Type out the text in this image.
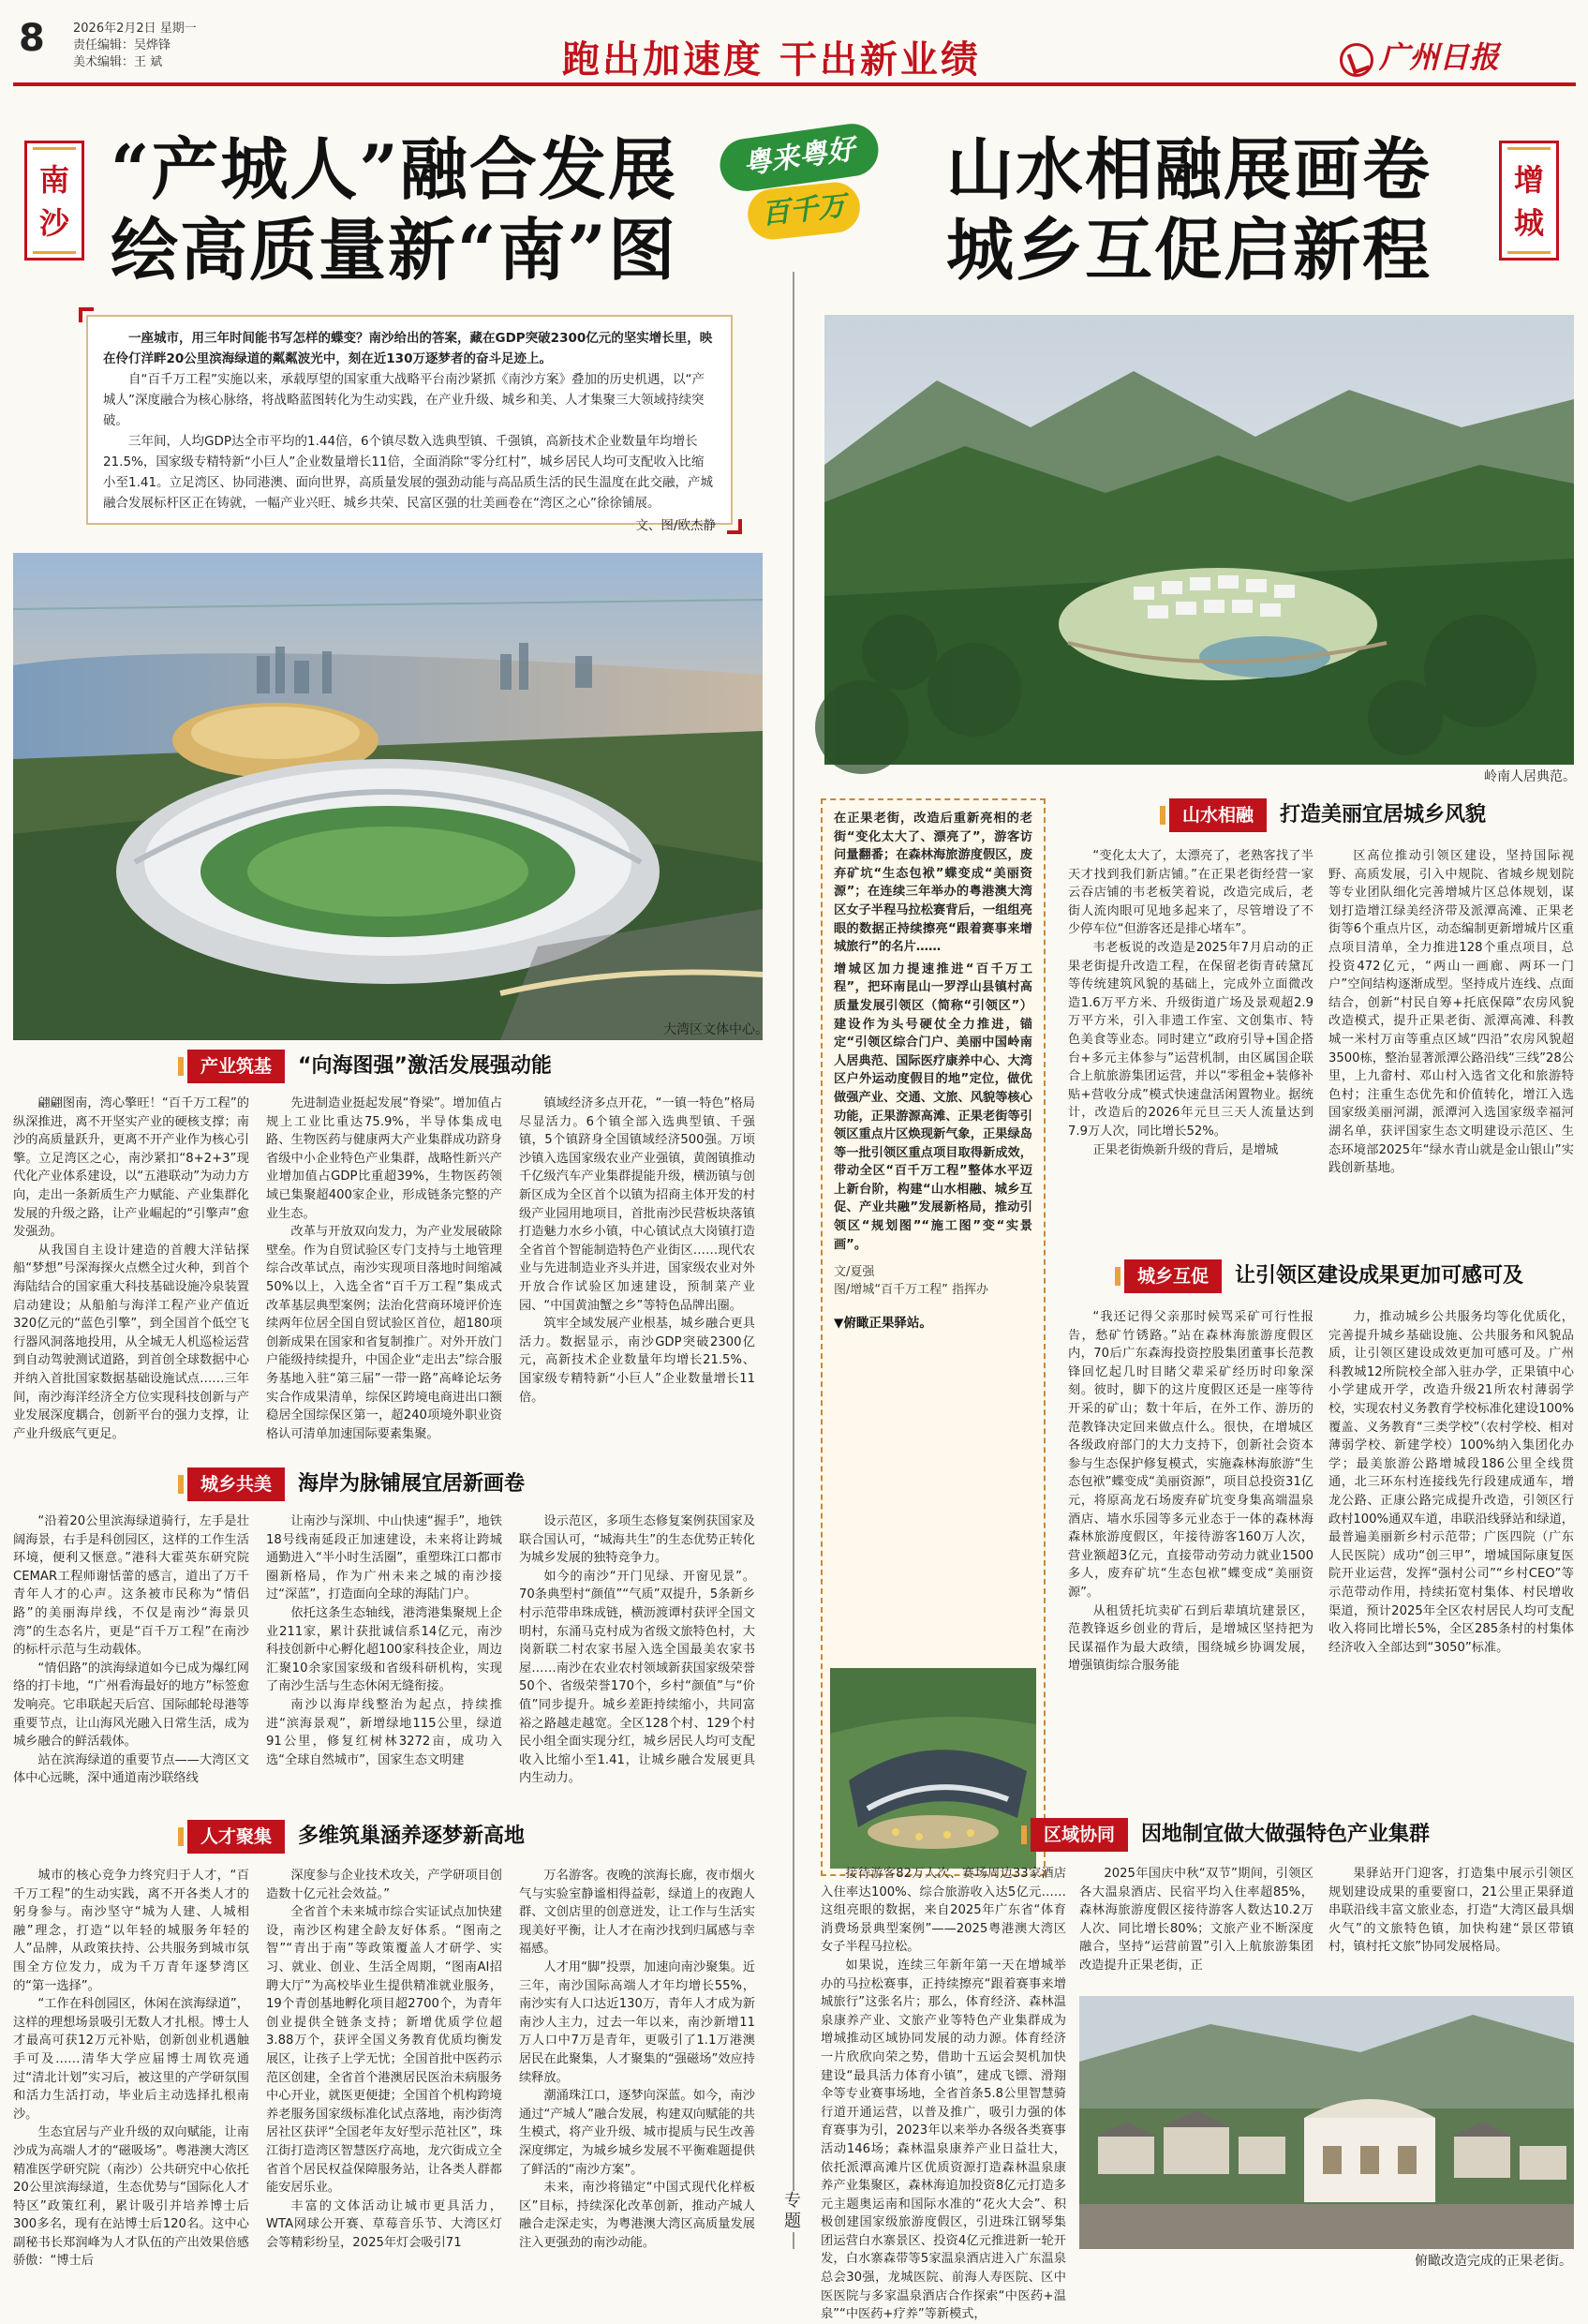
8 2026年2月2日 星期一
责任编辑：吴烨锋
美术编辑：王 斌	跑出加速度 干出新业绩	广州日报
南沙
“产城人”融合发展
绘高质量新“南”图
粤来粤好
百千万
山水相融展画卷
城乡互促启新程
增城
专题

一座城市，用三年时间能书写怎样的蝶变？南沙给出的答案，藏在GDP突破2300亿元的坚实增长里，映在伶仃洋畔20公里滨海绿道的粼粼波光中，刻在近130万逐梦者的奋斗足迹上。

自“百千万工程”实施以来，承载厚望的国家重大战略平台南沙紧抓《南沙方案》叠加的历史机遇，以“产城人”深度融合为核心脉络，将战略蓝图转化为生动实践，在产业升级、城乡和美、人才集聚三大领域持续突破。

三年间，人均GDP达全市平均的1.44倍，6个镇尽数入选典型镇、千强镇，高新技术企业数量年均增长21.5%，国家级专精特新“小巨人”企业数量增长11倍，全面消除“零分红村”，城乡居民人均可支配收入比缩小至1.41。立足湾区、协同港澳、面向世界，高质量发展的强劲动能与高品质生活的民生温度在此交融，产城融合发展标杆区正在铸就，一幅产业兴旺、城乡共荣、民富区强的壮美画卷在“湾区之心”徐徐铺展。

文、图/欧杰静
大湾区文体中心。
产业筑基 “向海图强”激活发展强动能

翩翩图南，湾心擎旺！“百千万工程”的纵深推进，离不开坚实产业的硬核支撑；南沙的高质量跃升，更离不开产业作为核心引擎。立足湾区之心，南沙紧扣“8+2+3”现代化产业体系建设，以“五港联动”为动力方向，走出一条新质生产力赋能、产业集群化发展的升级之路，让产业崛起的“引擎声”愈发强劲。

从我国自主设计建造的首艘大洋钻探船“梦想”号深海探火点燃全过火种，到首个海陆结合的国家重大科技基础设施冷泉装置启动建设；从船舶与海洋工程产业产值近320亿元的“蓝色引擎”，到全国首个低空飞行器风洞落地投用，从全城无人机巡检运营到自动驾驶测试道路，到首创全球数据中心并纳入首批国家数据基础设施试点……三年间，南沙海洋经济全方位实现科技创新与产业发展深度耦合，创新平台的强力支撑，让产业升级底气更足。

先进制造业挺起发展“脊梁”。增加值占规上工业比重达75.9%，半导体集成电路、生物医药与健康两大产业集群成功跻身省级中小企业特色产业集群，战略性新兴产业增加值占GDP比重超39%，生物医药领域已集聚超400家企业，形成链条完整的产业生态。

改革与开放双向发力，为产业发展破除壁垒。作为自贸试验区专门支持与土地管理综合改革试点，南沙实现项目落地时间缩减50%以上，入选全省“百千万工程”集成式改革基层典型案例；法治化营商环境评价连续两年位居全国自贸试验区首位，超180项创新成果在国家和省复制推广。对外开放门户能级持续提升，中国企业“走出去”综合服务基地入驻“第三届”一带一路”高峰论坛务实合作成果清单，综保区跨境电商进出口额稳居全国综保区第一，超240项境外职业资格认可清单加速国际要素集聚。

镇域经济多点开花，“一镇一特色”格局尽显活力。6个镇全部入选典型镇、千强镇，5个镇跻身全国镇域经济500强。万顷沙镇入选国家级农业产业强镇，黄阁镇推动千亿级汽车产业集群提能升级，横沥镇与创新区成为全区首个以镇为招商主体开发的村级产业园用地项目，首批南沙民营板块落镇打造魅力水乡小镇，中心镇试点大岗镇打造全省首个智能制造特色产业街区……现代农业与先进制造业齐头并进，国家级农业对外开放合作试验区加速建设，预制菜产业园、“中国黄油蟹之乡”等特色品牌出圈。

筑牢全域发展产业根基，城乡融合更具活力。数据显示，南沙GDP突破2300亿元，高新技术企业数量年均增长21.5%、国家级专精特新“小巨人”企业数量增长11倍。

城乡共美 海岸为脉铺展宜居新画卷

“沿着20公里滨海绿道骑行，左手是壮阔海景，右手是科创园区，这样的工作生活环境，便利又惬意。”港科大霍英东研究院CEMAR工程师谢恬蕾的感言，道出了万千青年人才的心声。这条被市民称为“情侣路”的美丽海岸线，不仅是南沙“海景贝湾”的生态名片，更是“百千万工程”在南沙的标杆示范与生动载体。

“情侣路”的滨海绿道如今已成为爆红网络的打卡地，“广州看海最好的地方”标签愈发响亮。它串联起天后宫、国际邮轮母港等重要节点，让山海风光融入日常生活，成为城乡融合的鲜活载体。

站在滨海绿道的重要节点——大湾区文体中心远眺，深中通道南沙联络线

让南沙与深圳、中山快速“握手”，地铁18号线南延段正加速建设，未来将让跨城通勤进入“半小时生活圈”，重塑珠江口都市圈新格局，作为广州未来之城的南沙接过“深蓝”，打造面向全球的海陆门户。

依托这条生态轴线，港湾港集聚规上企业211家，累计获批诚信系14亿元，南沙科技创新中心孵化超100家科技企业，周边汇聚10余家国家级和省级科研机构，实现了南沙生活与生态休闲无缝衔接。

南沙以海岸线整治为起点，持续推进“滨海景观”，新增绿地115公里，绿道91公里，修复红树林3272亩，成功入选“全球自然城市”，国家生态文明建

设示范区，多项生态修复案例获国家及联合国认可，“城海共生”的生态优势正转化为城乡发展的独特竞争力。

如今的南沙“开门见绿、开窗见景”。70条典型村“颜值”“气质”双提升，5条新乡村示范带串珠成链，横沥渡谭村获评全国文明村，东涌马克村成为省级文旅特色村，大岗新联二村农家书屋入选全国最美农家书屋……南沙在农业农村领域新获国家级荣誉50个、省级荣誉170个，乡村“颜值”与“价值”同步提升。城乡差距持续缩小，共同富裕之路越走越宽。全区128个村、129个村民小组全面实现分红，城乡居民人均可支配收入比缩小至1.41，让城乡融合发展更具内生动力。

人才聚集 多维筑巢涵养逐梦新高地

城市的核心竞争力终究归于人才，“百千万工程”的生动实践，离不开各类人才的躬身参与。南沙坚守“城为人建、人城相融”理念，打造“以年轻的城服务年轻的人”品牌，从政策扶持、公共服务到城市氛围全方位发力，成为千万青年逐梦湾区的“第一选择”。

“工作在科创园区，休闲在滨海绿道”，这样的理想场景吸引无数人才扎根。博士人才最高可获12万元补贴，创新创业机遇触手可及……清华大学应届博士周钦亮通过“清北计划”实习后，被这里的产学研氛围和活力生活打动，毕业后主动选择扎根南沙。

生态宜居与产业升级的双向赋能，让南沙成为高端人才的“磁吸场”。粤港澳大湾区精准医学研究院（南沙）公共研究中心依托20公里滨海绿道，生态优势与“国际化人才特区”政策红利，累计吸引并培养博士后300多名，现有在站博士后120名。这中心副秘书长郑润峰为人才队伍的产出效果倍感骄傲：“博士后

深度参与企业技术攻关，产学研项目创造数十亿元社会效益。”

全省首个未来城市综合实证试点加快建设，南沙区构建全龄友好体系。“图南之智”“青出于南”等政策覆盖人才研学、实习、就业、创业、生活全周期，“图南AI招聘大厅”为高校毕业生提供精准就业服务，19个青创基地孵化项目超2700个，为青年创业提供全链条支持；新增优质学位超3.88万个，获评全国义务教育优质均衡发展区，让孩子上学无忧；全国首批中医药示范区创建，全省首个港澳居民医治未病服务中心开业，就医更便捷；全国首个机构跨境养老服务国家级标准化试点落地，南沙街湾居社区获评“全国老年友好型示范社区”，珠江街打造湾区智慧医疗高地，龙穴街成立全省首个居民权益保障服务站，让各类人群都能安居乐业。

丰富的文体活动让城市更具活力，WTA网球公开赛、草莓音乐节、大湾区灯会等精彩纷呈，2025年灯会吸引71

万名游客。夜晚的滨海长廊，夜市烟火气与实验室静谧相得益彰，绿道上的夜跑人群、文创店里的创意迸发，让工作与生活实现美好平衡，让人才在南沙找到归属感与幸福感。

人才用“脚”投票，加速向南沙聚集。近三年，南沙国际高端人才年均增长55%，南沙实有人口达近130万，青年人才成为新南沙人主力，过去一年以来，南沙新增11万人口中7万是青年，更吸引了1.1万港澳居民在此聚集，人才聚集的“强磁场”效应持续释放。

潮涌珠江口，逐梦向深蓝。如今，南沙通过“产城人”融合发展，构建双向赋能的共生模式，将产业升级、城市提质与民生改善深度绑定，为城乡城乡发展不平衡难题提供了鲜活的“南沙方案”。

未来，南沙将锚定“中国式现代化样板区”目标，持续深化改革创新，推动产城人融合走深走实，为粤港澳大湾区高质量发展注入更强劲的南沙动能。

岭南人居典范。
在正果老街，改造后重新亮相的老街“变化太大了、漂亮了”，游客访问量翻番；在森林海旅游度假区，废弃矿坑“生态包袱”蝶变成“美丽资源”；在连续三年举办的粤港澳大湾区女子半程马拉松赛背后，一组组亮眼的数据正持续擦亮“跟着赛事来增城旅行”的名片……
增城区加力提速推进“百千万工程”，把环南昆山一罗浮山县镇村高质量发展引领区（简称“引领区”）建设作为头号硬仗全力推进，锚定“引领区综合门户、美丽中国岭南人居典范、国际医疗康养中心、大湾区户外运动度假目的地”定位，做优做强产业、交通、文旅、风貌等核心功能，正果游源高滩、正果老街等引领区重点片区焕现新气象，正果绿岛等一批引领区重点项目取得新成效，带动全区“百千万工程”整体水平迈上新台阶，构建“山水相融、城乡互促、产业共融”发展新格局，推动引领区“规划图”“施工图”变“实景画”。
文/夏强
图/增城“百千万工程” 指挥办
▼俯瞰正果驿站。
山水相融 打造美丽宜居城乡风貌

“变化太大了，太漂亮了，老熟客找了半天才找到我们新店铺。”在正果老街经营一家云吞店铺的韦老板笑着说，改造完成后，老街人流肉眼可见地多起来了，尽管增设了不少停车位“但游客还是排心堵车”。

韦老板说的改造是2025年7月启动的正果老街提升改造工程，在保留老街青砖黛瓦等传统建筑风貌的基础上，完成外立面微改造1.6万平方米、升级街道广场及景观超2.9万平方米，引入非遗工作室、文创集市、特色美食等业态。同时建立“政府引导+国企搭台+多元主体参与”运营机制，由区属国企联合上航旅游集团运营，并以“零租金+装修补贴+营收分成”模式快速盘活闲置物业。据统计，改造后的2026年元旦三天人流量达到7.9万人次，同比增长52%。

正果老街焕新升级的背后，是增城

区高位推动引领区建设，坚持国际视野、高质发展，引入中规院、省城乡规划院等专业团队细化完善增城片区总体规划，谋划打造增江绿美经济带及派潭高滩、正果老街等6个重点片区，动态编制更新增城片区重点项目清单，全力推进128个重点项目，总投资472亿元，“两山一画廊、两环一门户”空间结构逐渐成型。坚持成片连线、点面结合，创新“村民自筹+托底保障”农房风貌改造模式，提升正果老街、派潭高滩、科教城一米村万亩等重点区域“四沿”农房风貌超3500栋，整治显著派潭公路沿线“三线”28公里，上九畲村、邓山村入选省文化和旅游特色村；注重生态优先和价值转化，增江入选国家级美丽河湖，派潭河入选国家级幸福河湖名单，获评国家生态文明建设示范区、生态环境部2025年“绿水青山就是金山银山”实践创新基地。

城乡互促 让引领区建设成果更加可感可及

“我还记得父亲那时候骂采矿可行性报告，愁矿竹锈路。”站在森林海旅游度假区内，70后广东森海投资控股集团董事长范教锋回忆起几时目睹父辈采矿经历时印象深刻。彼时，脚下的这片度假区还是一座等待开采的矿山；数十年后，在外工作、游历的范教锋决定回来做点什么。很快，在增城区各级政府部门的大力支持下，创新社会资本参与生态保护修复模式，实施森林海旅游“生态包袱”蝶变成“美丽资源”，项目总投资31亿元，将原高龙石场废弃矿坑变身集高端温泉酒店、墙水乐园等多元业态于一体的森林海森林旅游度假区，年接待游客160万人次，营业额超3亿元，直接带动劳动力就业1500多人，废弃矿坑“生态包袱”蝶变成“美丽资源”。

从租赁托坑卖矿石到后辈填坑建景区，范教锋返乡创业的背后，是增城区坚持把为民谋福作为最大政绩，围绕城乡协调发展，增强镇街综合服务能

力，推动城乡公共服务均等化优质化，完善提升城乡基础设施、公共服务和风貌品质，让引领区建设成效更加可感可及。广州科教城12所院校全部入驻办学，正果镇中心小学建成开学，改造升级21所农村薄弱学校，实现农村义务教育学校标准化建设100%覆盖、义务教育“三类学校”（农村学校、相对薄弱学校、新建学校）100%纳入集团化办学；最美旅游公路增城段186公里全线贯通，北三环东村连接线先行段建成通车，增龙公路、正康公路完成提升改造，引领区行政村100%通双车道，串联沿线驿站和绿道，最普遍美丽新乡村示范带；广医四院（广东人民医院）成功“创三甲”，增城国际康复医院开业运营，发挥“强村公司”“乡村CEO”等示范带动作用，持续拓宽村集体、村民增收渠道，预计2025年全区农村居民人均可支配收入将同比增长5%，全区285条村的村集体经济收入全部达到“3050”标准。

区域协同 因地制宜做大做强特色产业集群

接待游客82万人次、赛场周边33家酒店入住率达100%、综合旅游收入达5亿元……这组亮眼的数据，来自2025年广东省“体育消费场景典型案例”——2025粤港澳大湾区女子半程马拉松。

如果说，连续三年新年第一天在增城举办的马拉松赛事，正持续擦亮“跟着赛事来增城旅行”这张名片；那么，体育经济、森林温泉康养产业、文旅产业等特色产业集群成为增城推动区域协同发展的动力源。体育经济一片欣欣向荣之势，借助十五运会契机加快建设“最具活力体育小镇”，建成飞镖、滑翔伞等专业赛事场地，全省首条5.8公里智慧骑行道开通运营，以普及推广，吸引力强的体育赛事为引，2023年以来举办各级各类赛事活动146场；森林温泉康养产业日益壮大，依托派潭高滩片区优质资源打造森林温泉康养产业集聚区，森林海追加投资8亿元打造多元主题奥运南和国际水准的“花火大会”、积极创建国家级旅游度假区，引进珠江钢琴集团运营白水寨景区、投资4亿元推进新一轮开发，白水寨森带等5家温泉酒店进入广东温泉总会30强，龙城医院、前海人寿医院、区中医医院与多家温泉酒店合作探索“中医药+温泉”“中医药+疗养”等新模式，

2025年国庆中秋“双节”期间，引领区各大温泉酒店、民宿平均入住率超85%，森林海旅游度假区接待游客人数达10.2万人次、同比增长80%；文旅产业不断深度融合，坚持“运营前置”引入上航旅游集团改造提升正果老街，正

果驿站开门迎客，打造集中展示引领区规划建设成果的重要窗口，21公里正果驿道串联沿线丰富文旅业态，打造“大湾区最具烟火气”的文旅特色镇，加快构建“景区带镇村，镇村托文旅”协同发展格局。

俯瞰改造完成的正果老街。
